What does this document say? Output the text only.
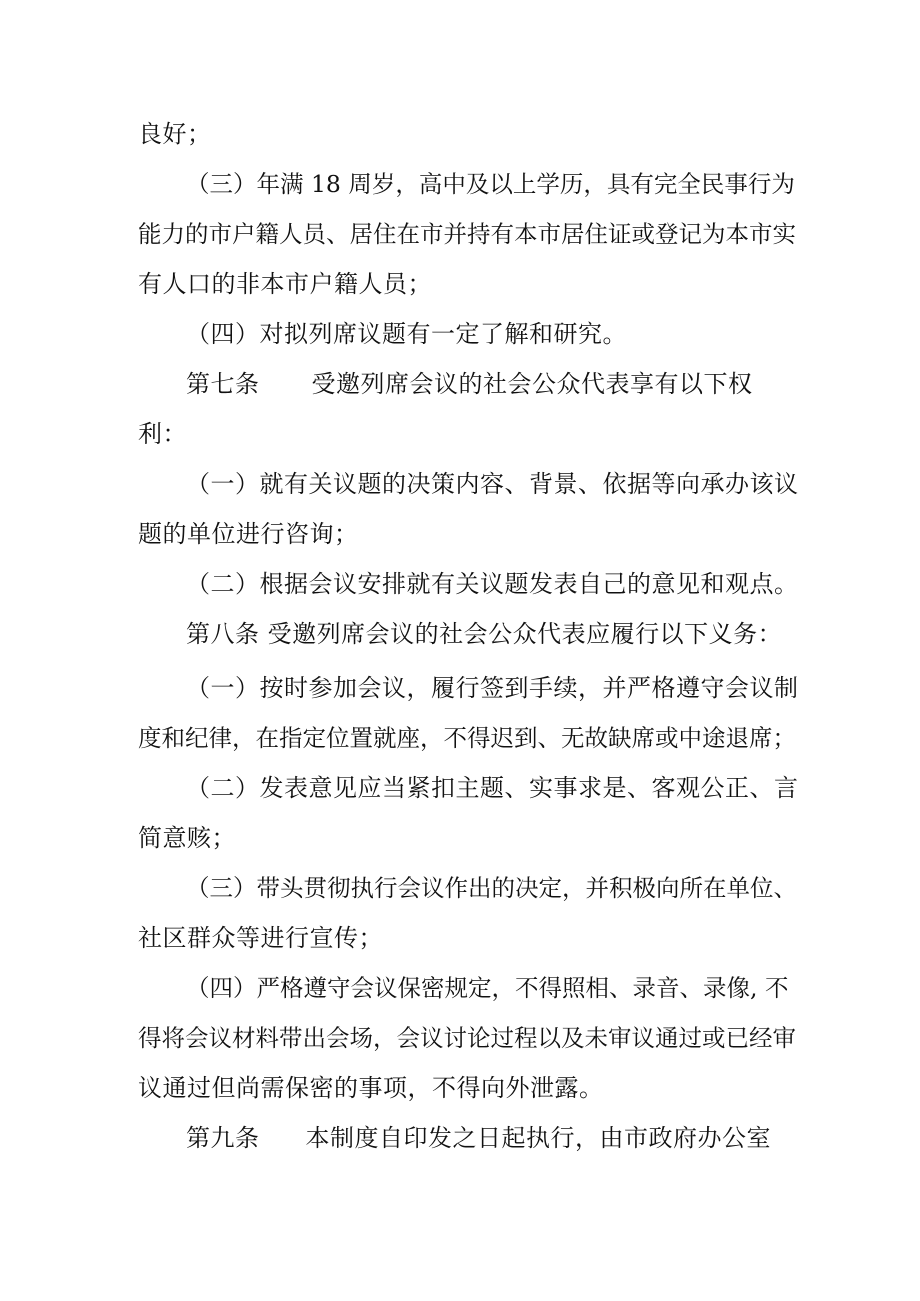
良好；
（三）年满 18 周岁，高中及以上学历，具有完全民事行为
能力的市户籍人员、居住在市并持有本市居住证或登记为本市实
有人口的非本市户籍人员；
（四）对拟列席议题有一定了解和研究。
第七条 受邀列席会议的社会公众代表享有以下权
利：
（一）就有关议题的决策内容、背景、依据等向承办该议
题的单位进行咨询；
（二）根据会议安排就有关议题发表自己的意见和观点。
第八条 受邀列席会议的社会公众代表应履行以下义务：
（一）按时参加会议，履行签到手续，并严格遵守会议制
度和纪律，在指定位置就座，不得迟到、无故缺席或中途退席；
（二）发表意见应当紧扣主题、实事求是、客观公正、言
简意赅；
（三）带头贯彻执行会议作出的决定，并积极向所在单位、
社区群众等进行宣传；
（四）严格遵守会议保密规定，不得照相、录音、录像, 不
得将会议材料带出会场，会议讨论过程以及未审议通过或已经审
议通过但尚需保密的事项，不得向外泄露。
第九条 本制度自印发之日起执行，由市政府办公室
